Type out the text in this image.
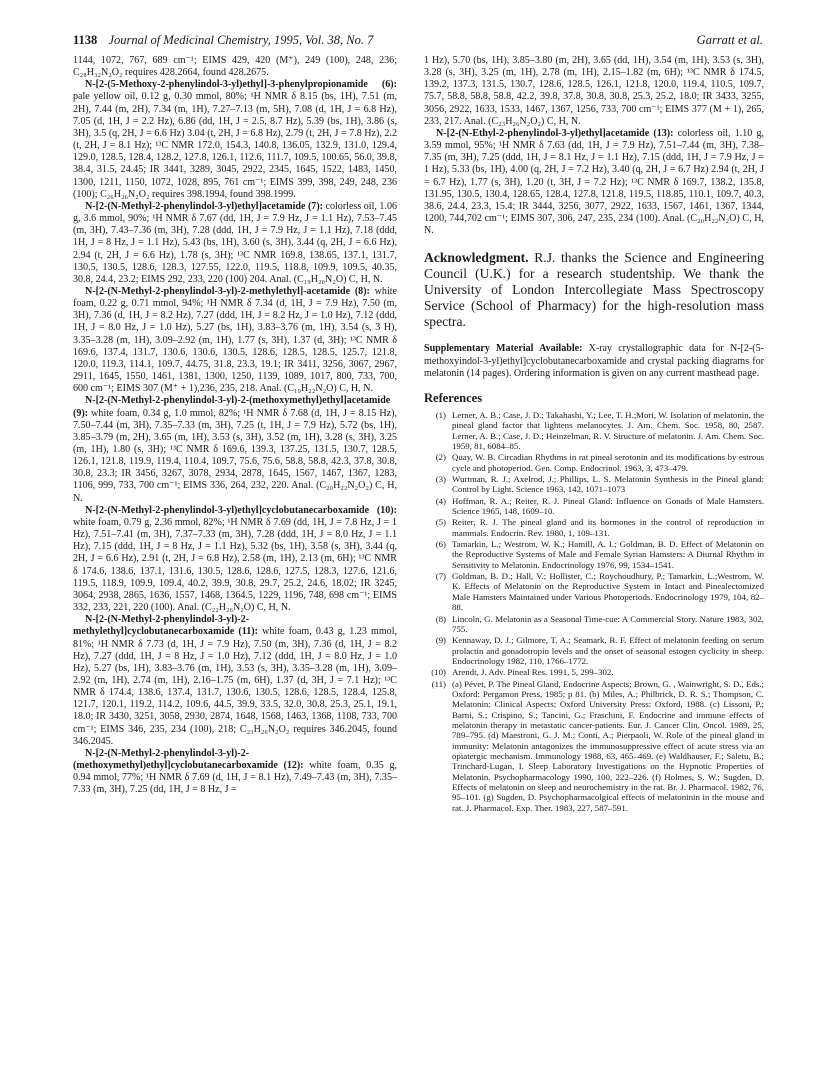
1138 Journal of Medicinal Chemistry, 1995, Vol. 38, No. 7	Garratt et al.

1144, 1072, 767, 689 cm⁻¹; EIMS 429, 420 (M⁺), 249 (100), 248, 236; C₂₈H₃₂N₂O₂ requires 428.2664, found 428.2675.

N-[2-(5-Methoxy-2-phenylindol-3-yl)ethyl]-3-phenylpropionamide (6): pale yellow oil, 0.12 g, 0.30 mmol, 80%; ¹H NMR δ 8.15 (bs, 1H), 7.51 (m, 2H), 7.44 (m, 2H), 7.34 (m, 1H), 7.27–7.13 (m, 5H), 7.08 (d, 1H, J = 6.8 Hz), 7.05 (d, 1H, J = 2.2 Hz), 6.86 (dd, 1H, J = 2.5, 8.7 Hz), 5.39 (bs, 1H), 3.86 (s, 3H), 3.5 (q, 2H, J = 6.6 Hz) 3.04 (t, 2H, J = 6.8 Hz), 2.79 (t, 2H, J = 7.8 Hz), 2.2 (t, 2H, J = 8.1 Hz); ¹³C NMR 172.0, 154.3, 140.8, 136.05, 132.9, 131.0, 129.4, 129.0, 128.5, 128.4, 128.2, 127.8, 126.1, 112.6, 111.7, 109.5, 100.65, 56.0, 39.8, 38.4, 31.5, 24.45; IR 3441, 3289, 3045, 2922, 2345, 1645, 1522, 1483, 1450, 1300, 1211, 1150, 1072, 1028, 895, 761 cm⁻¹; EIMS 399, 398, 249, 248, 236 (100); C₂₆H₂₆N₂O₂ requires 398.1994, found 398.1999.

N-[2-(N-Methyl-2-phenylindol-3-yl)ethyl]acetamide (7): colorless oil, 1.06 g, 3.6 mmol, 90%; ¹H NMR δ 7.67 (dd, 1H, J = 7.9 Hz, J = 1.1 Hz), 7.53–7.45 (m, 3H), 7.43–7.36 (m, 3H), 7.28 (ddd, 1H, J = 7.9 Hz, J = 1.1 Hz), 7.18 (ddd, 1H, J = 8 Hz, J = 1.1 Hz), 5.43 (bs, 1H), 3.60 (s, 3H), 3.44 (q, 2H, J = 6.6 Hz), 2.94 (t, 2H, J = 6.6 Hz), 1.78 (s, 3H); ¹³C NMR 169.8, 138.65, 137.1, 131.7, 130.5, 130.5, 128.6, 128.3, 127.55, 122.0, 119.5, 118.8, 109.9, 109.5, 40.35, 30.8, 24.4, 23.2; EIMS 292, 233, 220 (100) 204. Anal. (C₁₉H₂₀N₂O) C, H, N.

N-[2-(N-Methyl-2-phenylindol-3-yl)-2-methylethyl]-acetamide (8): white foam, 0.22 g, 0.71 mmol, 94%; ¹H NMR δ 7.34 (d, 1H, J = 7.9 Hz), 7.50 (m, 3H), 7.36 (d, 1H, J = 8.2 Hz), 7.27 (ddd, 1H, J = 8.2 Hz, J = 1.0 Hz), 7.12 (ddd, 1H, J = 8.0 Hz, J = 1.0 Hz), 5.27 (bs, 1H), 3.83–3.76 (m, 1H), 3.54 (s, 3 H), 3.35–3.28 (m, 1H), 3.09–2.92 (m, 1H), 1.77 (s, 3H), 1.37 (d, 3H); ¹³C NMR δ 169.6, 137.4, 131.7, 130.6, 130.6, 130.5, 128.6, 128.5, 128.5, 125.7, 121.8, 120.0, 119.3, 114.1, 109.7, 44.75, 31.8, 23.3, 19.1; IR 3411, 3256, 3067, 2967, 2911, 1645, 1550, 1461, 1381, 1300, 1250, 1139, 1089, 1017, 800, 733, 700, 600 cm⁻¹; EIMS 307 (M⁺ + 1),236, 235, 218. Anal. (C₁₉H₂₂N₂O) C, H, N.

N-[2-(N-Methyl-2-phenylindol-3-yl)-2-(methoxymethyl)ethyl]acetamide (9): white foam, 0.34 g, 1.0 mmol, 82%; ¹H NMR δ 7.68 (d, 1H, J = 8.15 Hz), 7.50–7.44 (m, 3H), 7.35–7.33 (m, 3H), 7.25 (t, 1H, J = 7.9 Hz), 5.72 (bs, 1H), 3.85–3.79 (m, 2H), 3.65 (m, 1H), 3.53 (s, 3H), 3.52 (m, 1H), 3.28 (s, 3H), 3.25 (m, 1H), 1.80 (s, 3H); ¹³C NMR δ 169.6, 139.3, 137.25, 131.5, 130.7, 128.5, 126.1, 121.8, 119.9, 119.4, 110.4, 109.7, 75.6, 75.6, 58.8, 58.8, 42.3, 37.8, 30.8, 30.8, 23.3; IR 3456, 3267, 3078, 2934, 2878, 1645, 1567, 1467, 1367, 1283, 1106, 999, 733, 700 cm⁻¹; EIMS 336, 264, 232, 220. Anal. (C₂₀H₂₂N₂O₂) C, H, N.

N-[2-(N-Methyl-2-phenylindol-3-yl)ethyl]cyclobutanecarboxamide (10): white foam, 0.79 g, 2.36 mmol, 82%; ¹H NMR δ 7.69 (dd, 1H, J = 7.8 Hz, J = 1 Hz), 7.51–7.41 (m, 3H), 7.37–7.33 (m, 3H), 7.28 (ddd, 1H, J = 8.0 Hz, J = 1.1 Hz), 7.15 (ddd, 1H, J = 8 Hz, J = 1.1 Hz), 5.32 (bs, 1H), 3.58 (s, 3H), 3.44 (q, 2H, J = 6.6 Hz), 2.91 (t, 2H, J = 6.8 Hz), 2.58 (m, 1H), 2.13 (m, 6H); ¹³C NMR δ 174.6, 138.6, 137.1, 131.6, 130.5, 128.6, 128.6, 127.5, 128.3, 127.6, 121.6, 119.5, 118.9, 109.9, 109.4, 40.2, 39.9, 30.8, 29.7, 25.2, 24.6, 18.02; IR 3245, 3064, 2938, 2865, 1636, 1557, 1468, 1364.5, 1229, 1196, 748, 698 cm⁻¹; EIMS 332, 233, 221, 220 (100). Anal. (C₂₂H₂₆N₂O) C, H, N.

N-[2-(N-Methyl-2-phenylindol-3-yl)-2-methylethyl]cyclobutanecarboxamide (11): white foam, 0.43 g, 1.23 mmol, 81%; ¹H NMR δ 7.73 (d, 1H, J = 7.9 Hz), 7.50 (m, 3H), 7.36 (d, 1H, J = 8.2 Hz), 7.27 (ddd, 1H, J = 8 Hz, J = 1.0 Hz), 7.12 (ddd, 1H, J = 8.0 Hz, J = 1.0 Hz), 5.27 (bs, 1H), 3.83–3.76 (m, 1H), 3.53 (s, 3H), 3.35–3.28 (m, 1H), 3.09–2.92 (m, 1H), 2.74 (m, 1H), 2.16–1.75 (m, 6H), 1.37 (d, 3H, J = 7.1 Hz); ¹³C NMR δ 174.4, 138.6, 137.4, 131.7, 130.6, 130.5, 128.6, 128.5, 128.4, 125.8, 121.7, 120.1, 119.2, 114.2, 109.6, 44.5, 39.9, 33.5, 32.0, 30.8, 25.3, 25.1, 19.1, 18.0; IR 3430, 3251, 3058, 2930, 2874, 1648, 1568, 1463, 1368, 1108, 733, 700 cm⁻¹; EIMS 346, 235, 234 (100), 218; C₂₃H₂₆N₂O₂ requires 346.2045, found 346.2045.

N-[2-(N-Methyl-2-phenylindol-3-yl)-2-(methoxymethyl)ethyl]cyclobutanecarboxamide (12): white foam, 0.35 g, 0.94 mmol, 77%; ¹H NMR δ 7.69 (d, 1H, J = 8.1 Hz), 7.49–7.43 (m, 3H), 7.35–7.33 (m, 3H), 7.25 (dd, 1H, J = 8 Hz, J =

1 Hz), 5.70 (bs, 1H), 3.85–3.80 (m, 2H), 3.65 (dd, 1H), 3.54 (m, 1H), 3.53 (s, 3H), 3.28 (s, 3H), 3.25 (m, 1H), 2.78 (m, 1H), 2.15–1.82 (m, 6H); ¹³C NMR δ 174.5, 139.2, 137.3, 131.5, 130.7, 128.6, 128.5, 126.1, 121.8, 120.0, 119.4, 110.5, 109.7, 75.7, 58.8, 58.8, 58.8, 42.2, 39.8, 37.8, 30.8, 30.8, 25.3, 25.2, 18.0; IR 3433, 3255, 3056, 2922, 1633, 1533, 1467, 1367, 1256, 733, 700 cm⁻¹; EIMS 377 (M + 1), 265, 233, 217. Anal. (C₂₃H₂₆N₂O₂) C, H, N.

N-[2-(N-Ethyl-2-phenylindol-3-yl)ethyl]acetamide (13): colorless oil, 1.10 g, 3.59 mmol, 95%; ¹H NMR δ 7.63 (dd, 1H, J = 7.9 Hz), 7.51–7.44 (m, 3H), 7.38–7.35 (m, 3H), 7.25 (ddd, 1H, J = 8.1 Hz, J = 1.1 Hz), 7.15 (ddd, 1H, J = 7.9 Hz, J = 1 Hz), 5.33 (bs, 1H), 4.00 (q, 2H, J = 7.2 Hz), 3.40 (q, 2H, J = 6.7 Hz) 2.94 (t, 2H, J = 6.7 Hz), 1.77 (s, 3H), 1.20 (t, 3H, J = 7.2 Hz); ¹³C NMR δ 169.7, 138.2, 135.8, 131.95, 130.5, 130.4, 128.65, 128.4, 127.8, 121.8, 119.5, 118.85, 110.1, 109.7, 40.3, 38.6, 24.4, 23.3, 15.4; IR 3444, 3256, 3077, 2922, 1633, 1567, 1461, 1367, 1344, 1200, 744,702 cm⁻¹; EIMS 307, 306, 247, 235, 234 (100). Anal. (C₂₀H₂₂N₂O) C, H, N.

Acknowledgment. R.J. thanks the Science and Engineering Council (U.K.) for a research studentship. We thank the University of London Intercollegiate Mass Spectroscopy Service (School of Pharmacy) for the high-resolution mass spectra.

Supplementary Material Available: X-ray crystallographic data for N-[2-(5-methoxyindol-3-yl)ethyl]cyclobutanecarboxamide and crystal packing diagrams for melatonin (14 pages). Ordering information is given on any current masthead page.

References
(1) Lerner, A. B.; Case, J. D.; Takahashi, Y.; Lee, T. H.;Mori, W. Isolation of melatonin, the pineal gland factor that lightens melanocytes. J. Am. Chem. Soc. 1958, 80, 2587. Lerner, A. B.; Case, J. D.; Heinzelman, R. V. Structure of melatonin. J. Am. Chem. Soc. 1959, 81, 6084–85.
(2) Quay, W. B. Circadian Rhythms in rat pineal serotonin and its modifications by estrous cycle and photoperiod. Gen. Comp. Endocrinol. 1963, 3, 473–479.
(3) Wurtman, R. J.; Axelrod, J.; Phillips, L. S. Melatonin Synthesis in the Pineal gland: Control by Light. Science 1963, 142, 1071–1073
(4) Hoffman, R. A.; Reiter, R. J. Pineal Gland: Influence on Gonads of Male Hamsters. Science 1965, 148, 1609–10.
(5) Reiter, R. J. The pineal gland and its hormones in the control of reproduction in mammals. Endocrin. Rev. 1980, 1, 109–131.
(6) Tamarkin, L.; Westrom, W. K.; Hamill, A. I.; Goldman, B. D. Effect of Melatonin on the Reproductive Systems of Male and Female Syrian Hamsters: A Diurnal Rhythm in Sensitivity to Melatonin. Endocrinology 1976, 99, 1534–1541.
(7) Goldman, B. D.; Hall, V.; Hollister, C.; Roychoudhury, P.; Tamarkin, L.;Westrom, W. K. Effects of Melatonin on the Reproductive System in Intact and Pinealectomized Male Hamsters Maintained under Various Photoperiods. Endocrinology 1979, 104, 82–88.
(8) Lincoln, G. Melatonin as a Seasonal Time-cue: A Commercial Story. Nature 1983, 302, 755.
(9) Kennaway, D. J.; Gilmore, T. A.; Seamark, R. F. Effect of melatonin feeding on serum prolactin and gonadotropin levels and the onset of seasonal estogen cyclicity in sheep. Endocrinology 1982, 110, 1766–1772.
(10) Arendt, J. Adv. Pineal Res. 1991, 5, 299–302.
(11) (a) Pévet, P. The Pineal Gland, Endocrine Aspects; Brown, G. , Wainwright, S. D., Eds.; Oxford: Pergamon Press, 1985; p 81. (b) Miles, A.; Philbrick, D. R. S.; Thompson, C. Melatonin: Clinical Aspects; Oxford University Press: Oxford, 1988. (c) Lissoni, P.; Barni, S.; Crispino, S.; Tancini, G.; Fraschini, F. Endocrine and immune effects of melatonin therapy in metastatic cancer-patients. Eur. J. Cancer Clin. Oncol. 1989, 25, 789–795. (d) Maestroni, G. J. M.; Conti, A.; Pierpaoli, W. Role of the pineal gland in immunity: Melatonin antagonizes the immunosuppressive effect of acute stress via an opiatergic mechanism. Immunology 1988, 63, 465–469. (e) Waldhauser, F.; Saletu, B.; Trinchard-Lugan, I. Sleep Laboratory Investigations on the Hypnotic Properties of Melatonin. Psychopharmacology 1990, 100, 222–226. (f) Holmes, S. W.; Sugden, D. Effects of melatonin on sleep and neurochemistry in the rat. Br. J. Pharmacol. 1982, 76, 95–101. (g) Sugden, D. Psychopharmacolgical effects of melatoninin in the mouse and rat. J. Pharmacol. Exp. Ther. 1983, 227, 587–591.
